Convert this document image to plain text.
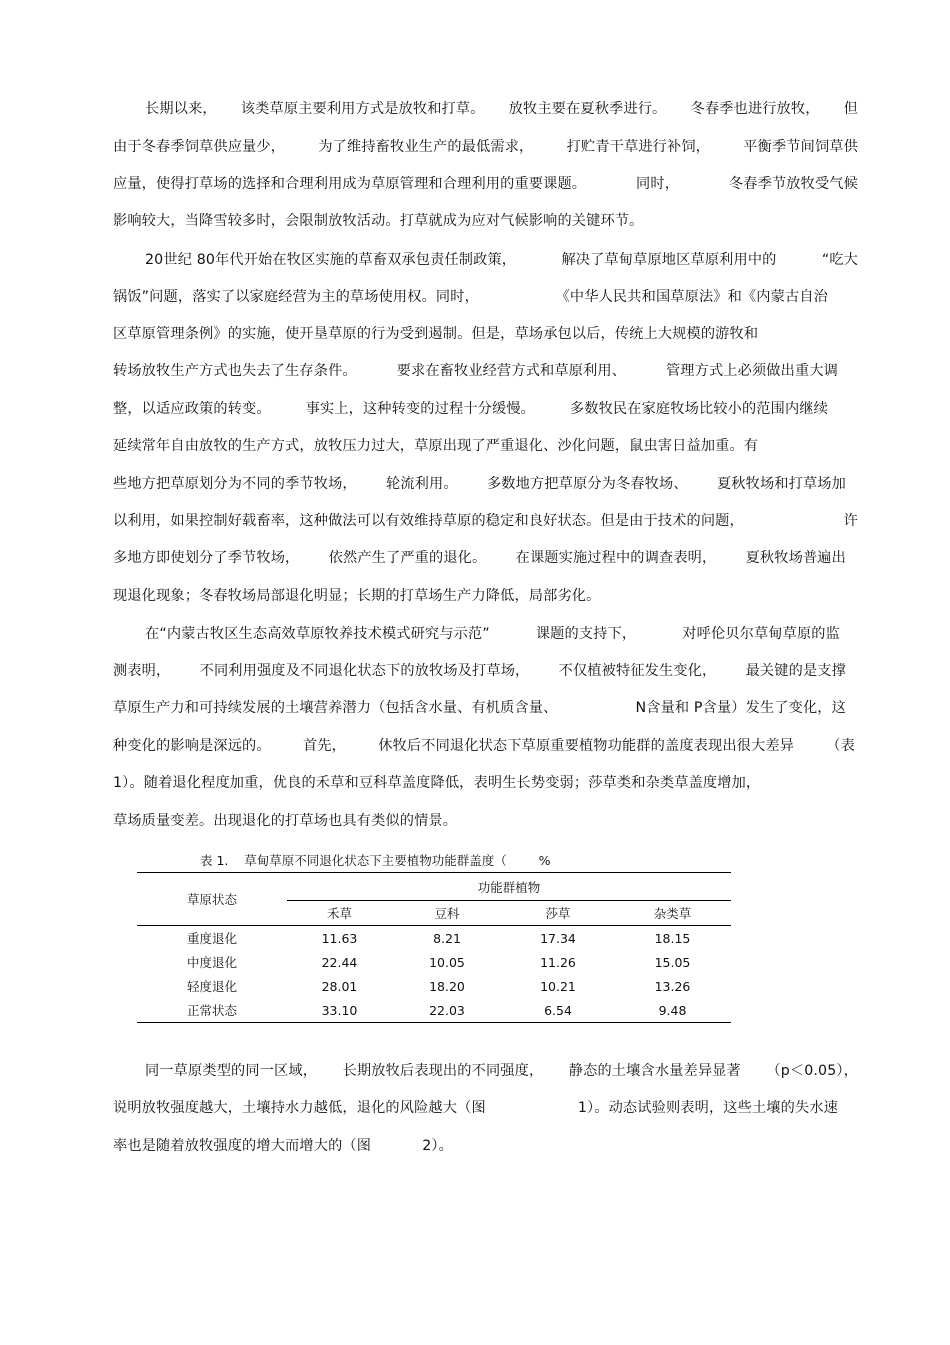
长期以来， 该类草原主要利用方式是放牧和打草。 放牧主要在夏秋季进行。 冬春季也进行放牧， 但
由于冬春季饲草供应量少， 为了维持畜牧业生产的最低需求， 打贮青干草进行补饲， 平衡季节间饲草供
应量，使得打草场的选择和合理利用成为草原管理和合理利用的重要课题。	同时，	冬春季节放牧受气候
影响较大，当降雪较多时，会限制放牧活动。打草就成为应对气候影响的关键环节。
20世纪 80年代开始在牧区实施的草畜双承包责任制政策，	解决了草甸草原地区草原利用中的	“吃大
锅饭”问题，落实了以家庭经营为主的草场使用权。同时，	《中华人民共和国草原法》和《内蒙古自治
区草原管理条例》的实施，使开垦草原的行为受到遏制。但是，草场承包以后，传统上大规模的游牧和
转场放牧生产方式也失去了生存条件。	要求在畜牧业经营方式和草原利用、	管理方式上必须做出重大调
整，以适应政策的转变。 事实上，这种转变的过程十分缓慢。 多数牧民在家庭牧场比较小的范围内继续
延续常年自由放牧的生产方式，放牧压力过大，草原出现了严重退化、沙化问题，鼠虫害日益加重。有
些地方把草原划分为不同的季节牧场， 轮流利用。 多数地方把草原分为冬春牧场、 夏秋牧场和打草场加
以利用，如果控制好载畜率，这种做法可以有效维持草原的稳定和良好状态。但是由于技术的问题，	许
多地方即使划分了季节牧场， 依然产生了严重的退化。 在课题实施过程中的调查表明， 夏秋牧场普遍出
现退化现象；冬春牧场局部退化明显；长期的打草场生产力降低，局部劣化。
在“内蒙古牧区生态高效草原牧养技术模式研究与示范”	课题的支持下，	对呼伦贝尔草甸草原的监
测表明， 不同利用强度及不同退化状态下的放牧场及打草场， 不仅植被特征发生变化， 最关键的是支撑
草原生产力和可持续发展的土壤营养潜力（包括含水量、有机质含量、	N含量和 P含量）发生了变化，这
种变化的影响是深远的。 首先， 休牧后不同退化状态下草原重要植物功能群的盖度表现出很大差异 （表
1）。随着退化程度加重，优良的禾草和豆科草盖度降低，表明生长势变弱；莎草类和杂类草盖度增加，
草场质量变差。出现退化的打草场也具有类似的情景。
表 1.    草甸草原不同退化状态下主要植物功能群盖度（        %
草原状态	功能群植物			
	禾草	豆科	莎草	杂类草
重度退化	11.63	8.21	17.34	18.15
中度退化	22.44	10.05	11.26	15.05
轻度退化	28.01	18.20	10.21	13.26
正常状态	33.10	22.03	6.54	9.48
同一草原类型的同一区域， 长期放牧后表现出的不同强度， 静态的土壤含水量差异显著 （p＜0.05），
说明放牧强度越大，土壤持水力越低，退化的风险越大（图	1）。动态试验则表明，这些土壤的失水速
率也是随着放牧强度的增大而增大的（图	2）。
